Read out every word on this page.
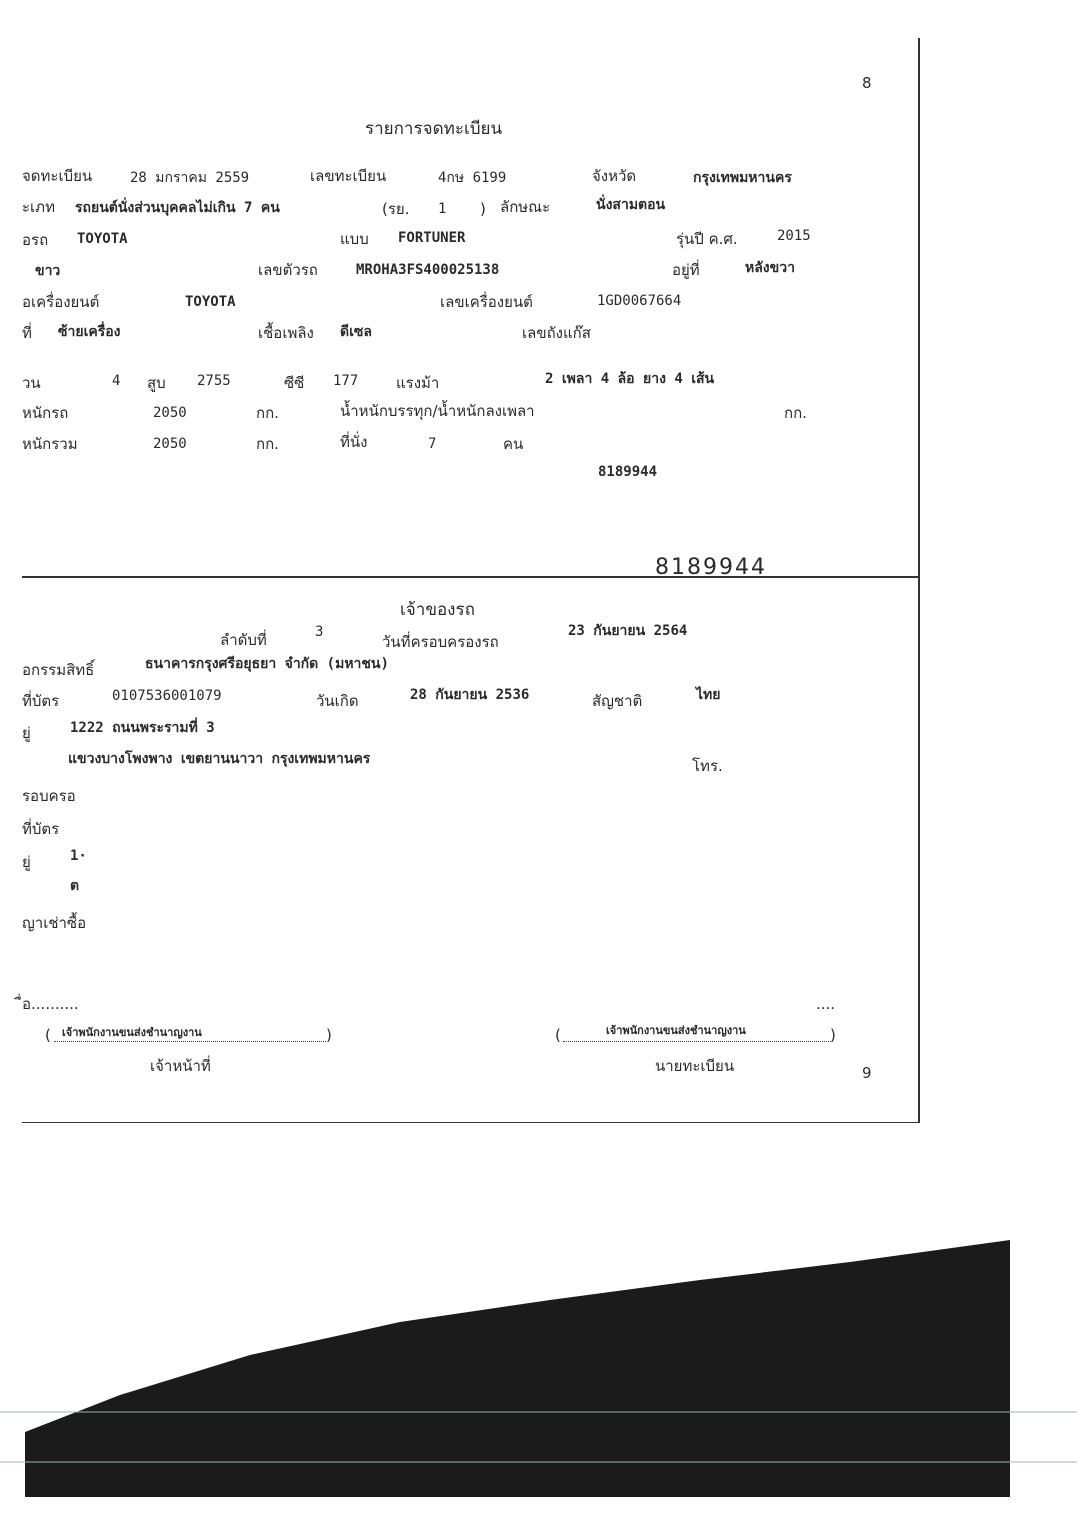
8
9
รายการจดทะเบียน
จดทะเบียน	28 มกราคม 2559	เลขทะเบียน	4กษ 6199	จังหวัด	กรุงเทพมหานคร
ะเภท รถยนต์นั่งส่วนบุคคลไม่เกิน 7 คน	(รย. 1 ) ลักษณะ	นั่งสามตอน
อรถ TOYOTA	แบบ FORTUNER	รุ่นปี ค.ศ.	2015
ขาว	เลขตัวรถ	MROHA3FS400025138	อยู่ที่	หลังขวา
อเครื่องยนต์	TOYOTA	เลขเครื่องยนต์	1GD0067664
ที่ ซ้ายเครื่อง	เชื้อเพลิง ดีเซล	เลขถังแก๊ส
วน	4 สูบ 2755	ซีซี 177	แรงม้า	2 เพลา 4 ล้อ ยาง 4 เส้น
หนักรถ	2050	กก.	น้ำหนักบรรทุก/น้ำหนักลงเพลา	กก.
หนักรวม	2050	กก.	ที่นั่ง	7	คน
8189944
8189944
เจ้าของรถ
ลำดับที่	3
วันที่ครอบครองรถ
23 กันยายน 2564
อกรรมสิทธิ์	ธนาคารกรุงศรีอยุธยา จำกัด (มหาชน)
ที่บัตร	0107536001079	วันเกิด	28 กันยายน 2536	สัญชาติ	ไทย
ยู่	1222 ถนนพระรามที่ 3
แขวงบางโพงพาง เขตยานนาวา กรุงเทพมหานคร	โทร.
รอบครอ
ที่บัตร
ยู่	1·
ต
ญาเช่าซื้อ
ื่อ..........	....
( เจ้าพนักงานขนส่งชำนาญงาน	)	(	เจ้าพนักงานขนส่งชำนาญงาน	)
เจ้าหน้าที่	นายทะเบียน
